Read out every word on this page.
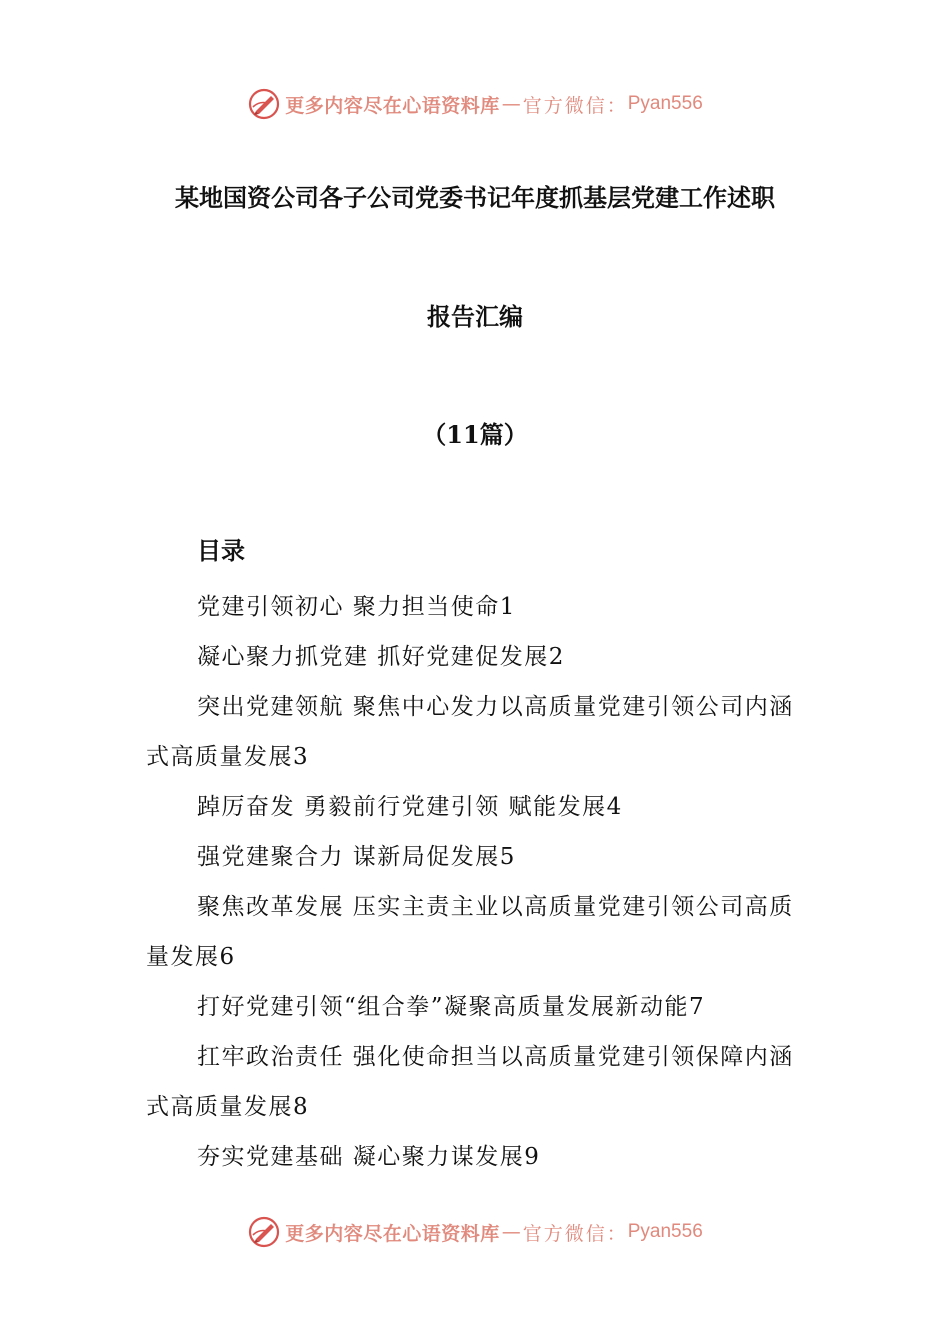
更多内容尽在心语资料库 — 官方微信： Pyan556
某地国资公司各子公司党委书记年度抓基层党建工作述职
报告汇编
（11篇）
目录
党建引领初心 聚力担当使命1
凝心聚力抓党建 抓好党建促发展2
突出党建领航 聚焦中心发力以高质量党建引领公司内涵式高质量发展3
踔厉奋发 勇毅前行党建引领 赋能发展4
强党建聚合力 谋新局促发展5
聚焦改革发展 压实主责主业以高质量党建引领公司高质量发展6
打好党建引领“组合拳”凝聚高质量发展新动能7
扛牢政治责任 强化使命担当以高质量党建引领保障内涵式高质量发展8
夯实党建基础 凝心聚力谋发展9
更多内容尽在心语资料库 — 官方微信： Pyan556
